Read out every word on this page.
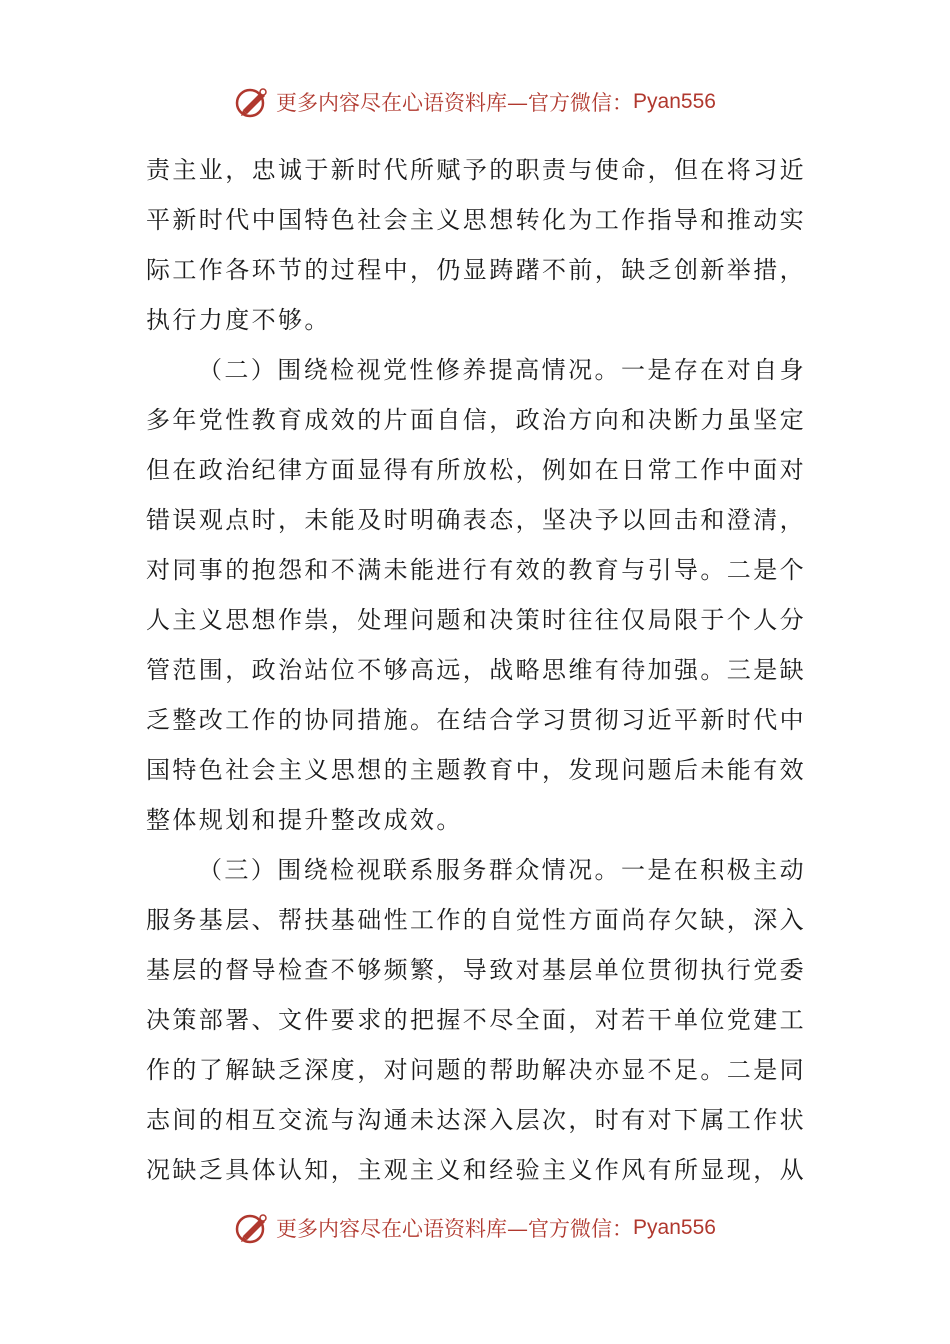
更多内容尽在心语资料库—官方微信： Pyan556

责主业，忠诚于新时代所赋予的职责与使命，但在将习近平新时代中国特色社会主义思想转化为工作指导和推动实际工作各环节的过程中，仍显踌躇不前，缺乏创新举措，执行力度不够。

（二）围绕检视党性修养提高情况。一是存在对自身多年党性教育成效的片面自信，政治方向和决断力虽坚定但在政治纪律方面显得有所放松，例如在日常工作中面对错误观点时，未能及时明确表态，坚决予以回击和澄清，对同事的抱怨和不满未能进行有效的教育与引导。二是个人主义思想作祟，处理问题和决策时往往仅局限于个人分管范围，政治站位不够高远，战略思维有待加强。三是缺乏整改工作的协同措施。在结合学习贯彻习近平新时代中国特色社会主义思想的主题教育中，发现问题后未能有效整体规划和提升整改成效。

（三）围绕检视联系服务群众情况。一是在积极主动服务基层、帮扶基础性工作的自觉性方面尚存欠缺，深入基层的督导检查不够频繁，导致对基层单位贯彻执行党委决策部署、文件要求的把握不尽全面，对若干单位党建工作的了解缺乏深度，对问题的帮助解决亦显不足。二是同志间的相互交流与沟通未达深入层次，时有对下属工作状况缺乏具体认知，主观主义和经验主义作风有所显现，从

更多内容尽在心语资料库—官方微信： Pyan556
